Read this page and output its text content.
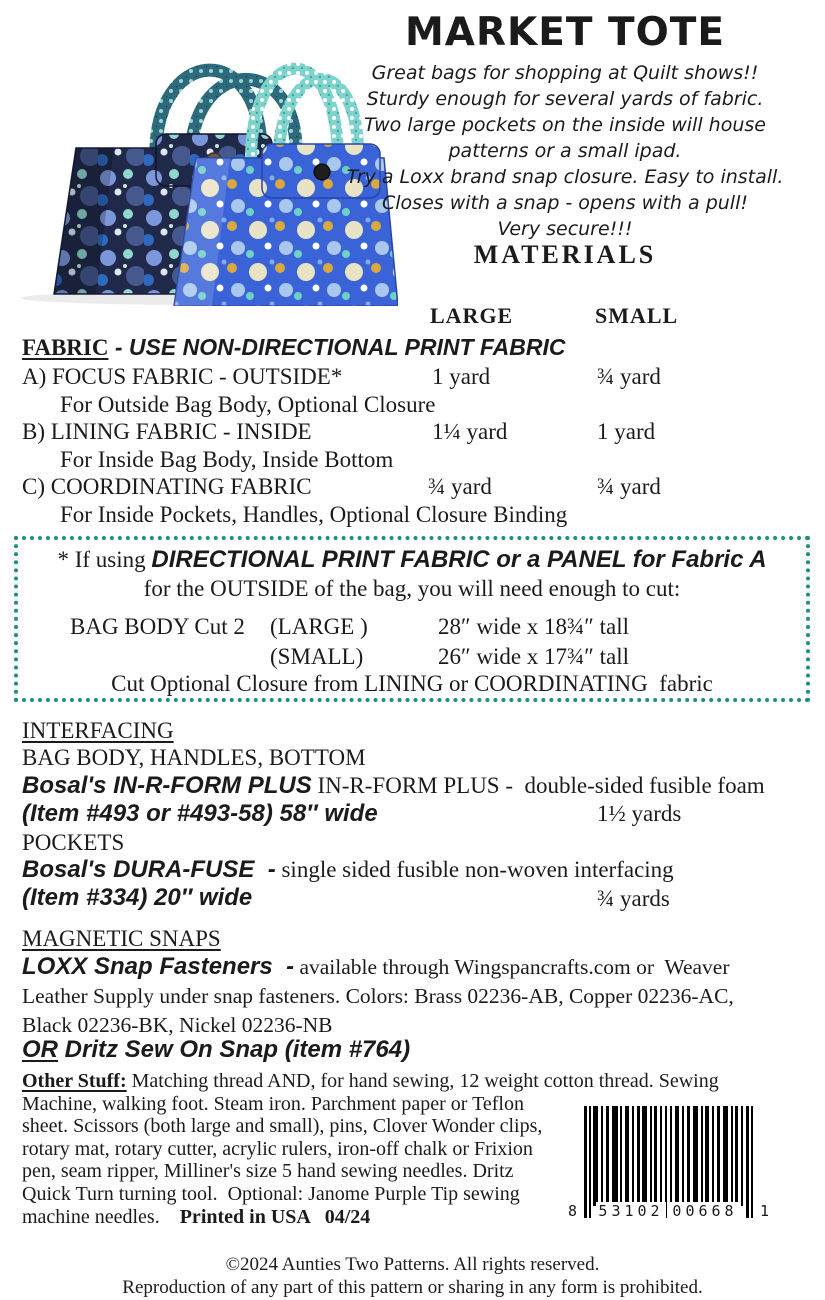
MARKET TOTE
Great bags for shopping at Quilt shows!!
Sturdy enough for several yards of fabric.
Two large pockets on the inside will house
patterns or a small ipad.
Try a Loxx brand snap closure. Easy to install.
Closes with a snap - opens with a pull!
Very secure!!!
MATERIALS
LARGE	SMALL
FABRIC - USE NON-DIRECTIONAL PRINT FABRIC
A) FOCUS FABRIC - OUTSIDE*	1 yard	¾ yard
For Outside Bag Body, Optional Closure
B) LINING FABRIC - INSIDE	1¼ yard	1 yard
For Inside Bag Body, Inside Bottom
C) COORDINATING FABRIC	¾ yard	¾ yard
For Inside Pockets, Handles, Optional Closure Binding
* If using DIRECTIONAL PRINT FABRIC or a PANEL for Fabric A
for the OUTSIDE of the bag, you will need enough to cut:
BAG BODY Cut 2 (LARGE )	28″ wide x 18¾″ tall
(SMALL)	26″ wide x 17¾″ tall
Cut Optional Closure from LINING or COORDINATING  fabric
INTERFACING
BAG BODY, HANDLES, BOTTOM
Bosal's IN-R-FORM PLUS IN-R-FORM PLUS -  double-sided fusible foam
(Item #493 or #493-58) 58″ wide	1½ yards
POCKETS
Bosal's DURA-FUSE  - single sided fusible non-woven interfacing
(Item #334) 20″ wide	¾ yards
MAGNETIC SNAPS
LOXX Snap Fasteners  - available through Wingspancrafts.com or  Weaver
Leather Supply under snap fasteners. Colors: Brass 02236-AB, Copper 02236-AC,
Black 02236-BK, Nickel 02236-NB
OR Dritz Sew On Snap (item #764)
Other Stuff: Matching thread AND, for hand sewing, 12 weight cotton thread. Sewing
Machine, walking foot. Steam iron. Parchment paper or Teflon
sheet. Scissors (both large and small), pins, Clover Wonder clips,
rotary mat, rotary cutter, acrylic rulers, iron-off chalk or Frixion
pen, seam ripper, Milliner's size 5 hand sewing needles. Dritz
Quick Turn turning tool.  Optional: Janome Purple Tip sewing
machine needles.    Printed in USA   04/24	8 53102 00668 1
©2024 Aunties Two Patterns. All rights reserved.
Reproduction of any part of this pattern or sharing in any form is prohibited.
